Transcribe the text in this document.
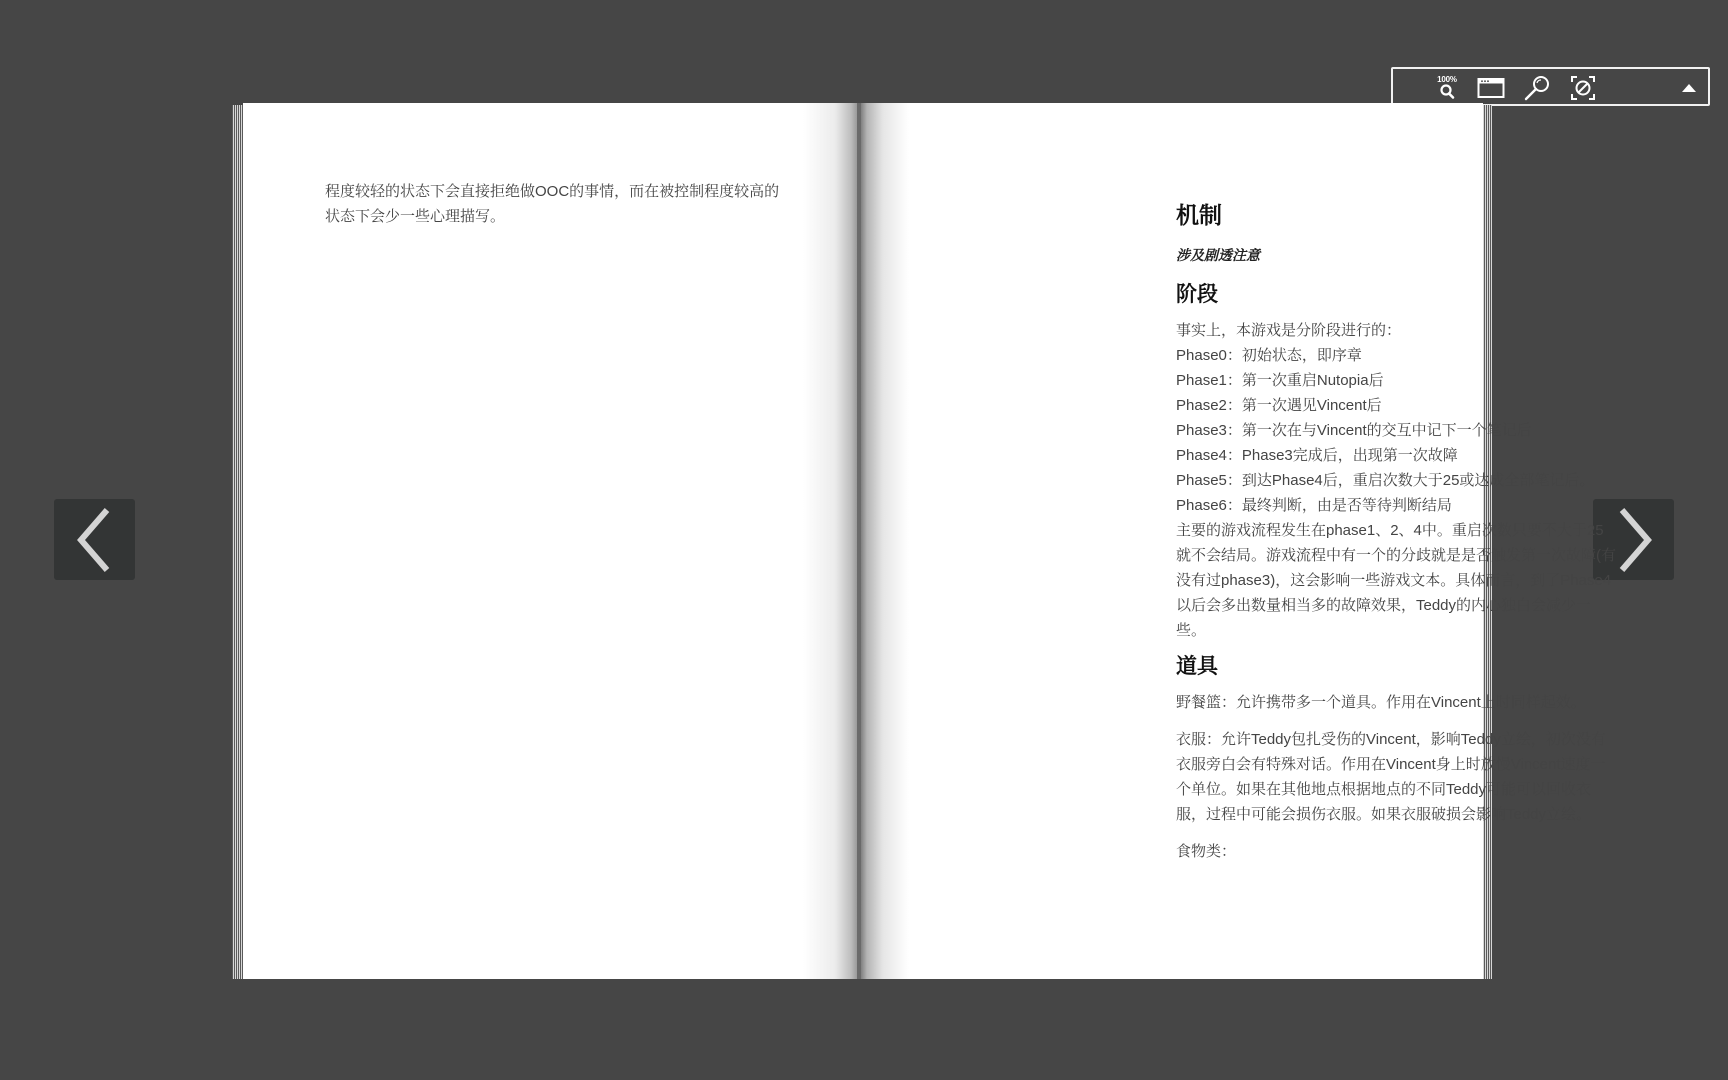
100%
程度较轻的状态下会直接拒绝做OOC的事情，而在被控制程度较高的状态下会少一些心理描写。	机制

涉及剧透注意

阶段

事实上，本游戏是分阶段进行的：

Phase0：初始状态，即序章

Phase1：第一次重启Nutopia后

Phase2：第一次遇见Vincent后

Phase3：第一次在与Vincent的交互中记下一个笔记后

Phase4：Phase3完成后，出现第一次故障

Phase5：到达Phase4后，重启次数大于25或达成全部笔记后。

Phase6：最终判断，由是否等待判断结局

主要的游戏流程发生在phase1、2、4中。重启次数只要不大于25

就不会结局。游戏流程中有一个的分歧就是是否触发第一次故障(有

没有过phase3)，这会影响一些游戏文本。具体而言，到了Phase4

以后会多出数量相当多的故障效果，Teddy的内心独白会减少一

些。

道具

野餐篮：允许携带多一个道具。作用在Vincent上时同样起效。

衣服：允许Teddy包扎受伤的Vincent，影响Teddy立绘，初次没有

衣服旁白会有特殊对话。作用在Vincent身上时放慢Vincent速度一

个单位。如果在其他地点根据地点的不同Teddy可能可以回收衣

服，过程中可能会损伤衣服。如果衣服破损会影响Teddy立绘。

食物类：
